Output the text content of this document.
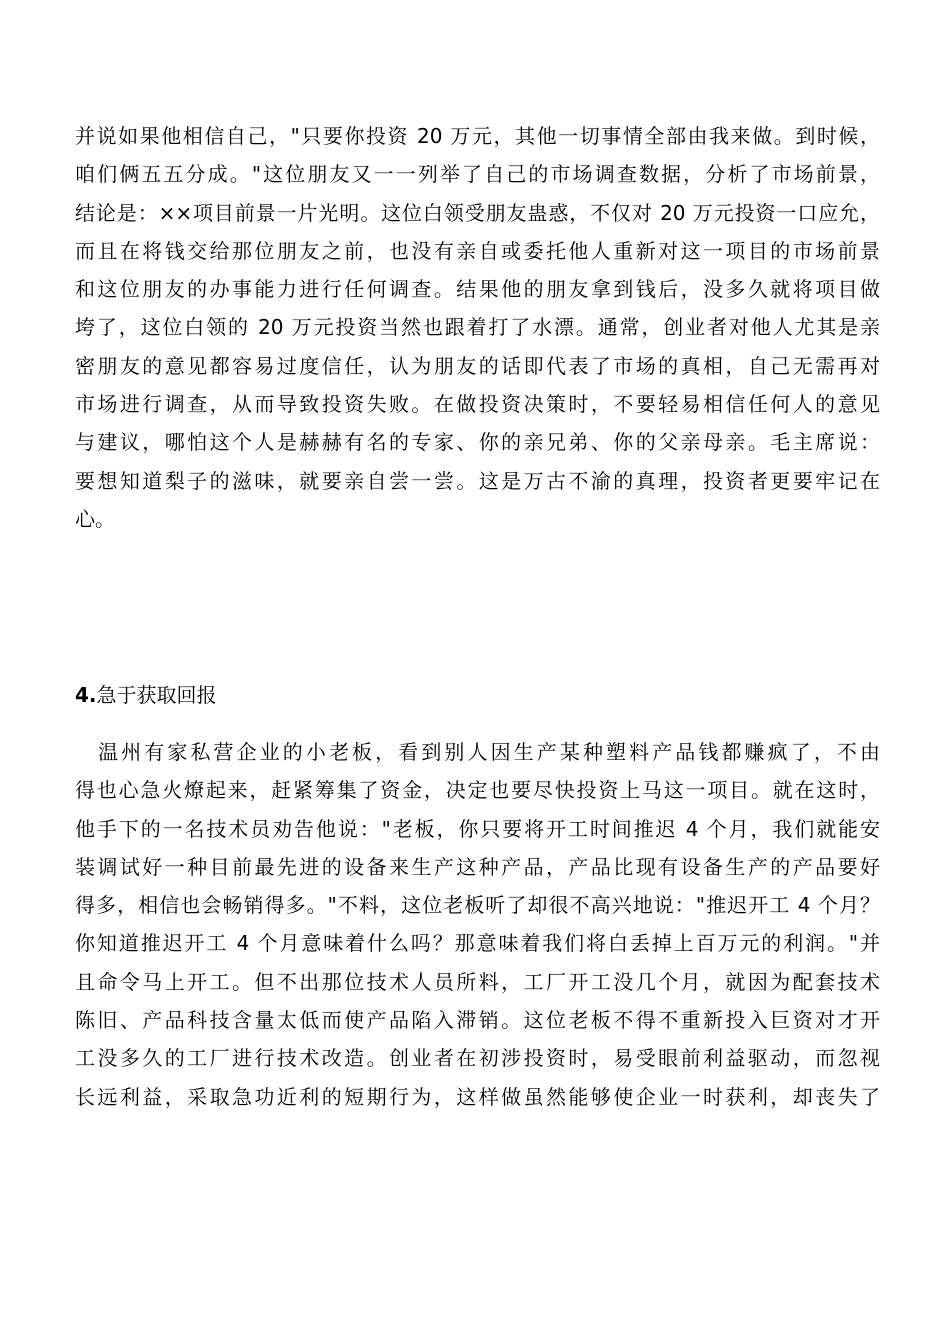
并说如果他相信自己，"只要你投资 20 万元，其他一切事情全部由我来做。到时候，
咱们俩五五分成。"这位朋友又一一列举了自己的市场调查数据，分析了市场前景，
结论是：××项目前景一片光明。这位白领受朋友蛊惑，不仅对 20 万元投资一口应允，
而且在将钱交给那位朋友之前，也没有亲自或委托他人重新对这一项目的市场前景
和这位朋友的办事能力进行任何调查。结果他的朋友拿到钱后，没多久就将项目做
垮了，这位白领的 20 万元投资当然也跟着打了水漂。通常，创业者对他人尤其是亲
密朋友的意见都容易过度信任，认为朋友的话即代表了市场的真相，自己无需再对
市场进行调查，从而导致投资失败。在做投资决策时，不要轻易相信任何人的意见
与建议，哪怕这个人是赫赫有名的专家、你的亲兄弟、你的父亲母亲。毛主席说：
要想知道梨子的滋味，就要亲自尝一尝。这是万古不渝的真理，投资者更要牢记在
心。
4.急于获取回报
　温州有家私营企业的小老板，看到别人因生产某种塑料产品钱都赚疯了，不由
得也心急火燎起来，赶紧筹集了资金，决定也要尽快投资上马这一项目。就在这时，
他手下的一名技术员劝告他说："老板，你只要将开工时间推迟 4 个月，我们就能安
装调试好一种目前最先进的设备来生产这种产品，产品比现有设备生产的产品要好
得多，相信也会畅销得多。"不料，这位老板听了却很不高兴地说："推迟开工 4 个月？
你知道推迟开工 4 个月意味着什么吗？那意味着我们将白丢掉上百万元的利润。"并
且命令马上开工。但不出那位技术人员所料，工厂开工没几个月，就因为配套技术
陈旧、产品科技含量太低而使产品陷入滞销。这位老板不得不重新投入巨资对才开
工没多久的工厂进行技术改造。创业者在初涉投资时，易受眼前利益驱动，而忽视
长远利益，采取急功近利的短期行为，这样做虽然能够使企业一时获利，却丧失了
